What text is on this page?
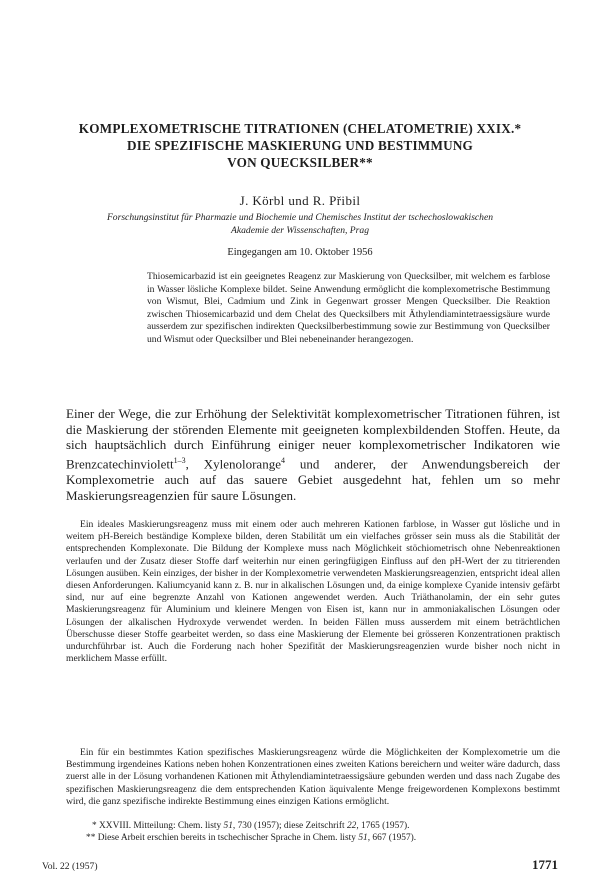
KOMPLEXOMETRISCHE TITRATIONEN (CHELATOMETRIE) XXIX.*
DIE SPEZIFISCHE MASKIERUNG UND BESTIMMUNG
VON QUECKSILBER**
J. Körbl und R. Přibil
Forschungsinstitut für Pharmazie und Biochemie und Chemisches Institut der tschechoslowakischen
Akademie der Wissenschaften, Prag
Eingegangen am 10. Oktober 1956

Thiosemicarbazid ist ein geeignetes Reagenz zur Maskierung von Quecksilber, mit welchem es farblose in Wasser lösliche Komplexe bildet. Seine Anwendung ermöglicht die komplexometrische Bestimmung von Wismut, Blei, Cadmium und Zink in Gegenwart grosser Mengen Quecksilber. Die Reaktion zwischen Thiosemicarbazid und dem Chelat des Quecksilbers mit Äthylendiamintetraessigsäure wurde ausserdem zur spezifischen indirekten Quecksilberbestimmung sowie zur Bestimmung von Quecksilber und Wismut oder Quecksilber und Blei nebeneinander herangezogen.

Einer der Wege, die zur Erhöhung der Selektivität komplexometrischer Titrationen führen, ist die Maskierung der störenden Elemente mit geeigneten komplexbildenden Stoffen. Heute, da sich hauptsächlich durch Einführung einiger neuer komplexometrischer Indikatoren wie Brenzcatechinviolett$^{1-3}$, Xylenolorange$^4$ und anderer, der Anwendungsbereich der Komplexometrie auch auf das sauere Gebiet ausgedehnt hat, fehlen um so mehr Maskierungsreagenzien für saure Lösungen.

Ein ideales Maskierungsreagenz muss mit einem oder auch mehreren Kationen farblose, in Wasser gut lösliche und in weitem pH-Bereich beständige Komplexe bilden, deren Stabilität um ein vielfaches grösser sein muss als die Stabilität der entsprechenden Komplexonate. Die Bildung der Komplexe muss nach Möglichkeit stöchiometrisch ohne Nebenreaktionen verlaufen und der Zusatz dieser Stoffe darf weiterhin nur einen geringfügigen Einfluss auf den pH-Wert der zu titrierenden Lösungen ausüben. Kein einziges, der bisher in der Komplexometrie verwendeten Maskierungsreagenzien, entspricht ideal allen diesen Anforderungen. Kaliumcyanid kann z. B. nur in alkalischen Lösungen und, da einige komplexe Cyanide intensiv gefärbt sind, nur auf eine begrenzte Anzahl von Kationen angewendet werden. Auch Triäthanolamin, der ein sehr gutes Maskierungsreagenz für Aluminium und kleinere Mengen von Eisen ist, kann nur in ammoniakalischen Lösungen oder Lösungen der alkalischen Hydroxyde verwendet werden. In beiden Fällen muss ausserdem mit einem beträchtlichen Überschusse dieser Stoffe gearbeitet werden, so dass eine Maskierung der Elemente bei grösseren Konzentrationen praktisch undurchführbar ist. Auch die Forderung nach hoher Spezifität der Maskierungsreagenzien wurde bisher noch nicht in merklichem Masse erfüllt.

Ein für ein bestimmtes Kation spezifisches Maskierungsreagenz würde die Möglichkeiten der Komplexometrie um die Bestimmung irgendeines Kations neben hohen Konzentrationen eines zweiten Kations bereichern und weiter wäre dadurch, dass zuerst alle in der Lösung vorhandenen Kationen mit Äthylendiamintetraessigsäure gebunden werden und dass nach Zugabe des spezifischen Maskierungsreagenz die dem entsprechenden Kation äquivalente Menge freigewordenen Komplexons bestimmt wird, die ganz spezifische indirekte Bestimmung eines einzigen Kations ermöglicht.

* XXVIII. Mitteilung: Chem. listy 51, 730 (1957); diese Zeitschrift 22, 1765 (1957).
** Diese Arbeit erschien bereits in tschechischer Sprache in Chem. listy 51, 667 (1957).
Vol. 22 (1957)	1771
